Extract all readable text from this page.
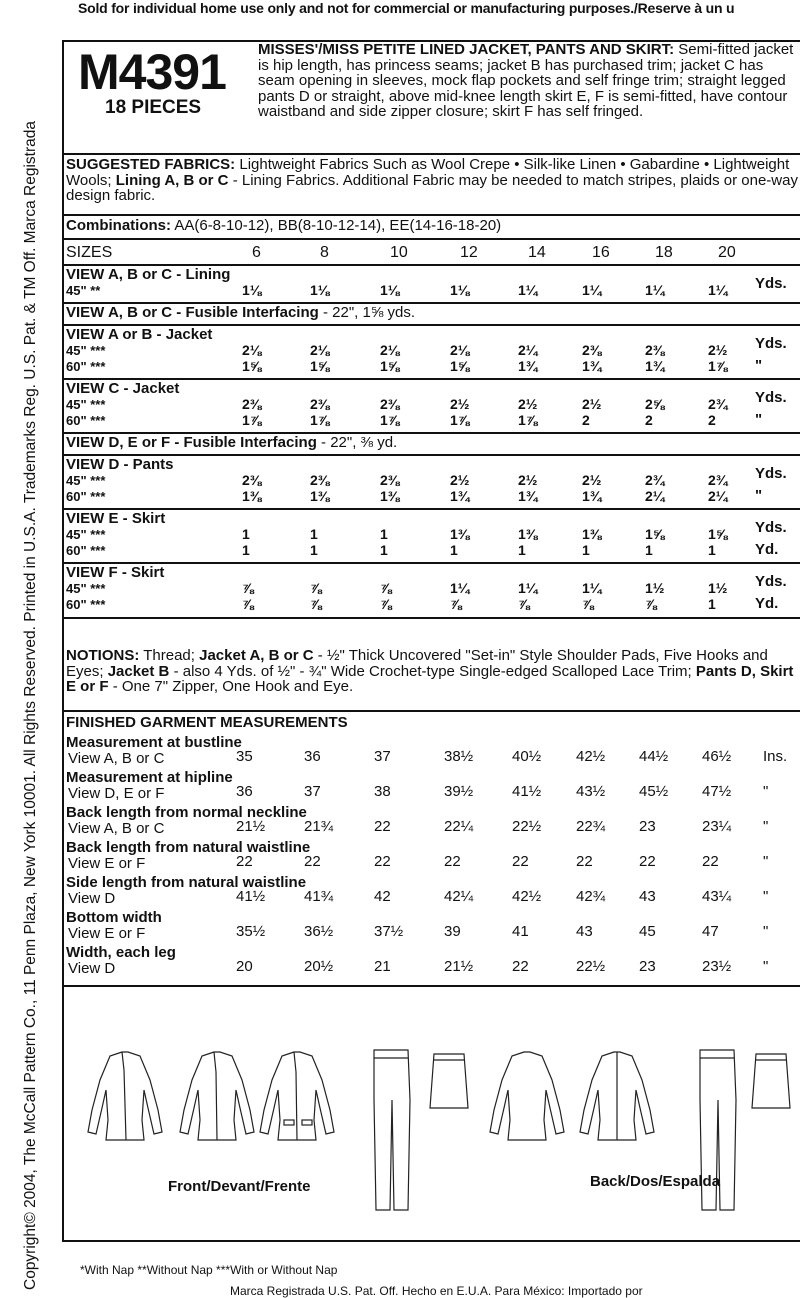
Sold for individual home use only and not for commercial or manufacturing purposes./Reserve à un u
Copyright© 2004, The McCall Pattern Co., 11 Penn Plaza, New York 10001. All Rights Reserved. Printed in U.S.A. Trademarks Reg. U.S. Pat. & TM Off. Marca Registrada
M4391
18 PIECES
MISSES'/MISS PETITE LINED JACKET, PANTS AND SKIRT: Semi-fitted jacket is hip length, has princess seams; jacket B has purchased trim; jacket C has seam opening in sleeves, mock flap pockets and self fringe trim; straight legged pants D or straight, above mid-knee length skirt E, F is semi-fitted, have contour waistband and side zipper closure; skirt F has self fringed.
SUGGESTED FABRICS: Lightweight Fabrics Such as Wool Crepe • Silk-like Linen • Gabardine • Lightweight Wools; Lining A, B or C - Lining Fabrics. Additional Fabric may be needed to match stripes, plaids or one-way design fabric.
Combinations: AA(6-8-10-12), BB(8-10-12-14), EE(14-16-18-20)
SIZES	6	8	10	12	14	16	18	20
VIEW A, B or C - Lining
45" **	1⅛	1⅛	1⅛	1⅛	1¼	1¼	1¼	1¼ Yds.
VIEW A, B or C - Fusible Interfacing - 22", 1⅝ yds.
VIEW A or B - Jacket
45" ***	2⅛	2⅛	2⅛	2⅛	2¼	2⅜	2⅜	2½ Yds.
60" ***	1⅝	1⅝	1⅝	1⅝	1¾	1¾	1¾	1⅞ "
VIEW C - Jacket
45" ***	2⅜	2⅜	2⅜	2½	2½	2½	2⅝	2¾ Yds.
60" ***	1⅞	1⅞	1⅞	1⅞	1⅞	2	2	2	"
VIEW D, E or F - Fusible Interfacing - 22", ⅜ yd.
VIEW D - Pants
45" ***	2⅜	2⅜	2⅜	2½	2½	2½	2¾	2¾ Yds.
60" ***	1⅜	1⅜	1⅜	1¾	1¾	1¾	2¼	2¼ "
VIEW E - Skirt
45" ***	1	1	1	1⅜	1⅜	1⅜	1⅝	1⅝ Yds.
60" ***	1	1	1	1	1	1	1	1	Yd.
VIEW F - Skirt
45" ***	⅞	⅞	⅞	1¼	1¼	1¼	1½	1½ Yds.
60" ***	⅞	⅞	⅞	⅞	⅞	⅞	⅞	1	Yd.
NOTIONS: Thread; Jacket A, B or C - ½" Thick Uncovered "Set-in" Style Shoulder Pads, Five Hooks and Eyes; Jacket B - also 4 Yds. of ½" - ¾" Wide Crochet-type Single-edged Scalloped Lace Trim; Pants D, Skirt E or F - One 7" Zipper, One Hook and Eye.
FINISHED GARMENT MEASUREMENTS
Measurement at bustline
View A, B or C	35	36	37	38½	40½ 42½ 44½ 46½ Ins.
Measurement at hipline
View D, E or F	36	37	38	39½	41½ 43½ 45½ 47½ "
Back length from normal neckline
View A, B or C	21½	21¾	22	22¼	22½ 22¾ 23	23¼ "
Back length from natural waistline
View E or F	22	22	22	22	22	22	22	22	"
Side length from natural waistline
View D	41½	41¾	42	42¼	42½ 42¾ 43	43¼ "
Bottom width
View E or F	35½	36½	37½	39	41	43	45	47	"
Width, each leg
View D	20	20½	21	21½	22	22½ 23	23½ "
Front/Devant/Frente	Back/Dos/Espalda
*With Nap **Without Nap ***With or Without Nap
Marca Registrada U.S. Pat. Off. Hecho en E.U.A. Para México: Importado por
